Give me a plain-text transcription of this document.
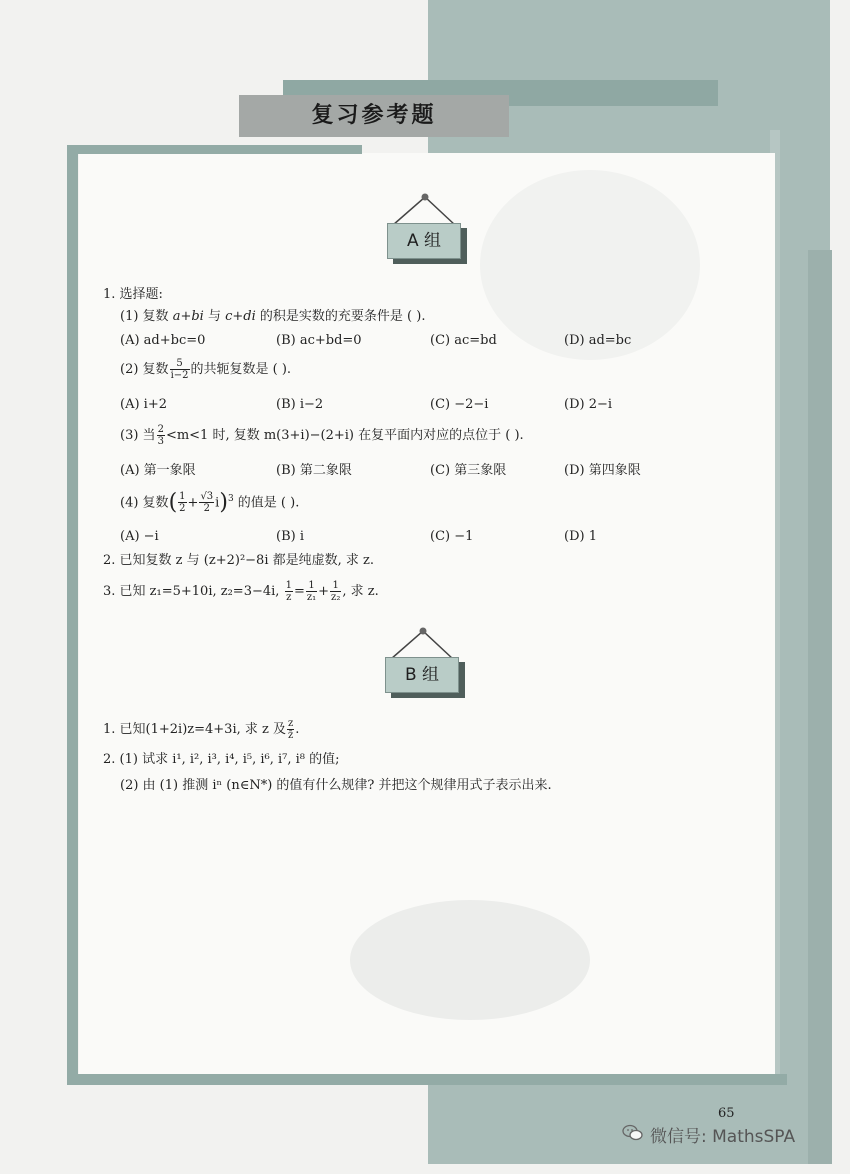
复习参考题
A 组
1. 选择题:
(1) 复数 a+bi 与 c+di 的积是实数的充要条件是 ( ).
(A) ad+bc=0	(B) ac+bd=0	(C) ac=bd	(D) ad=bc
(2) 复数 $\frac{5}{i-2}$ 的共轭复数是 ( ).
(A) i+2	(B) i−2	(C) −2−i	(D) 2−i
(3) 当 $\frac{2}{3} <m<1$ 时, 复数 m(3+i)−(2+i) 在复平面内对应的点位于 ( ).
(A) 第一象限	(B) 第二象限	(C) 第三象限	(D) 第四象限
(4) 复数( $\frac{1}{2} + \frac{√3}{2} i)^3$ 的值是 ( ).
(A) −i	(B) i	(C) −1	(D) 1
2. 已知复数 z 与 (z+2)²−8i 都是纯虚数, 求 z.
3. 已知 z₁=5+10i, z₂=3−4i, $\frac{1}{z} = \frac{1}{\text{z₁}} + \frac{1}{\text{z₂}}$ , 求 z.
B 组
1. 已知(1+2i)z=4+3i, 求 z 及 $\frac{z}{z̄}$ .
2. (1) 试求 i¹, i², i³, i⁴, i⁵, i⁶, i⁷, i⁸ 的值;
(2) 由 (1) 推测 iⁿ (n∈N*) 的值有什么规律? 并把这个规律用式子表示出来.
65
微信号: MathsSPA
